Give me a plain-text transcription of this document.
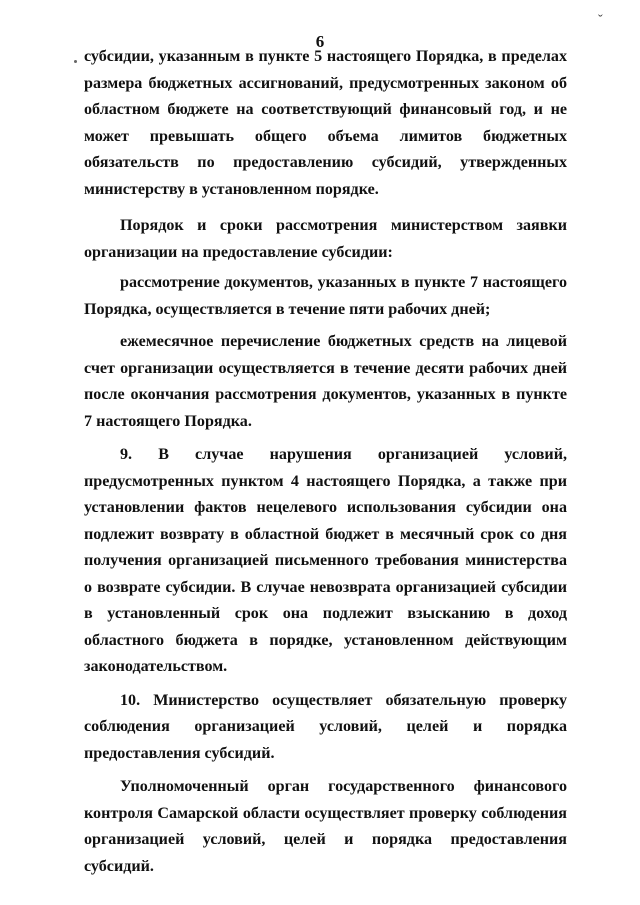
6
ˇ

субсидии, указанным в пункте 5 настоящего Порядка, в пределах размера бюджетных ассигнований, предусмотренных законом об областном бюджете на соответствующий финансовый год, и не может превышать общего объема лимитов бюджетных обязательств по предоставлению субсидий, утвержденных министерству в установленном порядке.

Порядок и сроки рассмотрения министерством заявки организации на предоставление субсидии:

рассмотрение документов, указанных в пункте 7 настоящего Порядка, осуществляется в течение пяти рабочих дней;

ежемесячное перечисление бюджетных средств на лицевой счет организации осуществляется в течение десяти рабочих дней после окончания рассмотрения документов, указанных в пункте 7 настоящего Порядка.

9. В случае нарушения организацией условий, предусмотренных пунктом 4 настоящего Порядка, а также при установлении фактов нецелевого использования субсидии она подлежит возврату в областной бюджет в месячный срок со дня получения организацией письменного требования министерства о возврате субсидии. В случае невозврата организацией субсидии в установленный срок она подлежит взысканию в доход областного бюджета в порядке, установленном действующим законодательством.

10. Министерство осуществляет обязательную проверку соблюдения организацией условий, целей и порядка предоставления субсидий.

Уполномоченный орган государственного финансового контроля Самарской области осуществляет проверку соблюдения организацией условий, целей и порядка предоставления субсидий.
